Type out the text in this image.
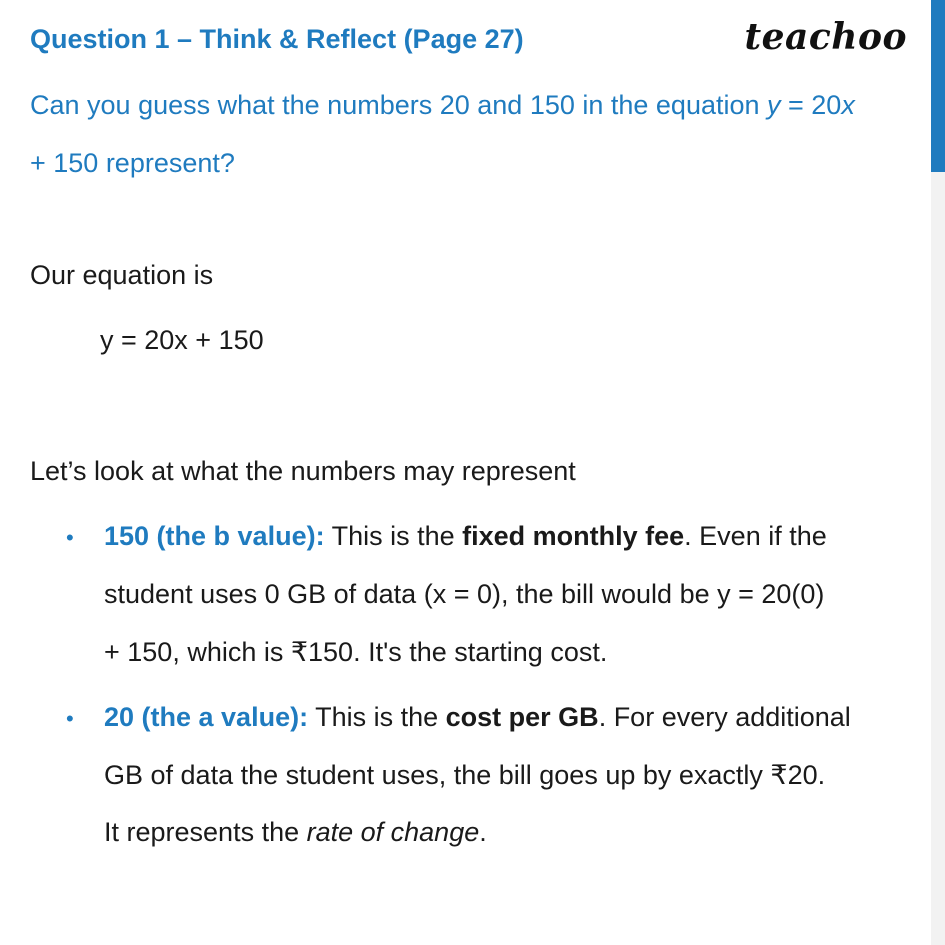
Question 1 – Think & Reflect (Page 27)	teachoo
Can you guess what the numbers 20 and 150 in the equation y = 20x
+ 150 represent?
Our equation is
y = 20x + 150
Let’s look at what the numbers may represent
• 150 (the b value): This is the fixed monthly fee. Even if the
student uses 0 GB of data (x = 0), the bill would be y = 20(0)
+ 150, which is ₹150. It's the starting cost.
• 20 (the a value): This is the cost per GB. For every additional
GB of data the student uses, the bill goes up by exactly ₹20.
It represents the rate of change.
